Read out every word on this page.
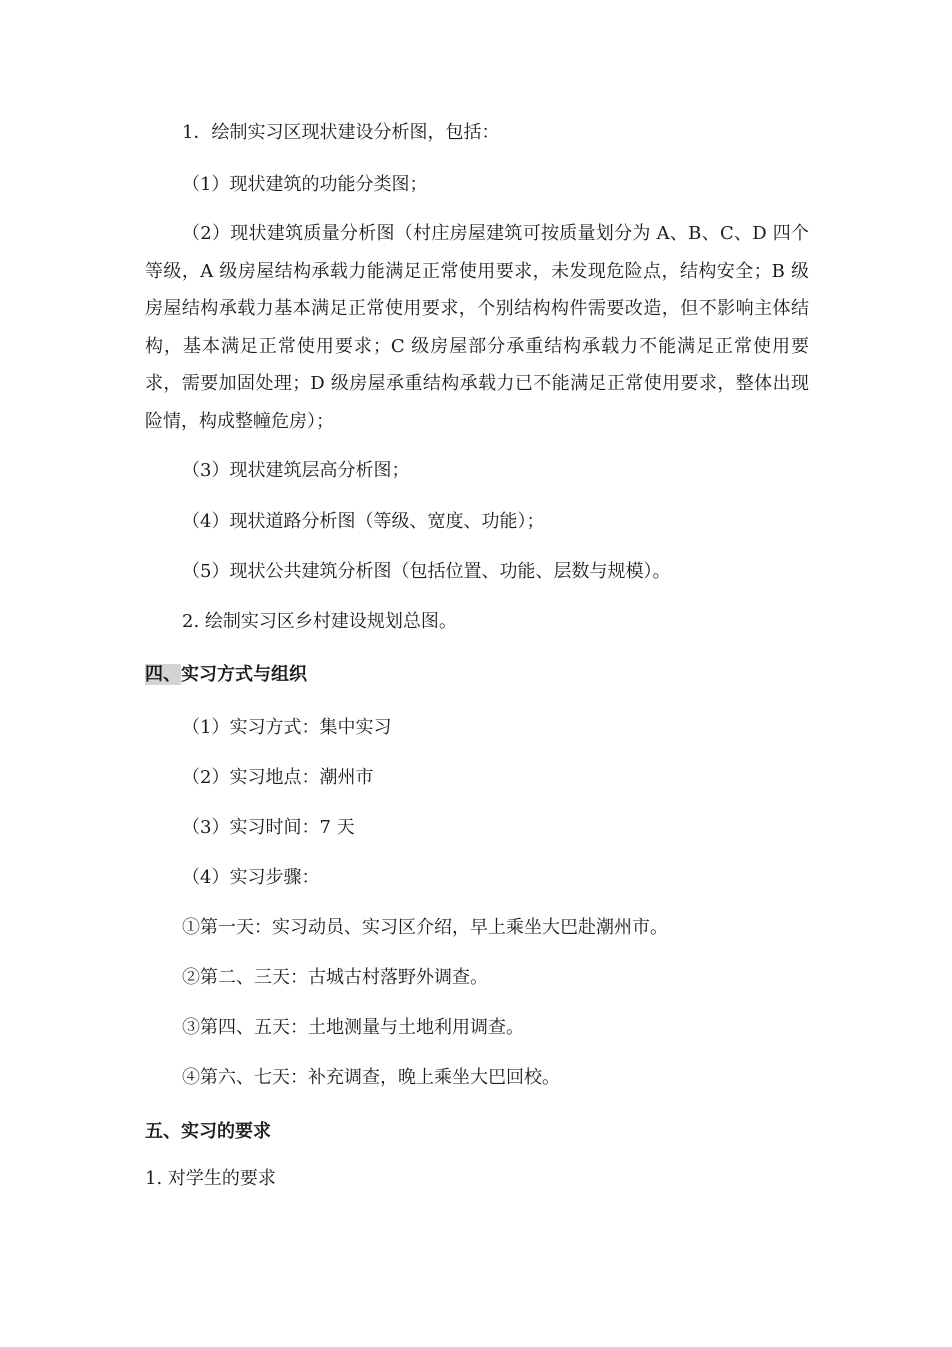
1．绘制实习区现状建设分析图，包括：
（1）现状建筑的功能分类图；
（2）现状建筑质量分析图（村庄房屋建筑可按质量划分为 A、B、C、D 四个等级，A 级房屋结构承载力能满足正常使用要求，未发现危险点，结构安全；B 级房屋结构承载力基本满足正常使用要求，个别结构构件需要改造，但不影响主体结构，基本满足正常使用要求；C 级房屋部分承重结构承载力不能满足正常使用要求，需要加固处理；D 级房屋承重结构承载力已不能满足正常使用要求，整体出现险情，构成整幢危房）；
（3）现状建筑层高分析图；
（4）现状道路分析图（等级、宽度、功能）；
（5）现状公共建筑分析图（包括位置、功能、层数与规模）。
2. 绘制实习区乡村建设规划总图。
四、实习方式与组织
（1）实习方式：集中实习
（2）实习地点：潮州市
（3）实习时间：7 天
（4）实习步骤：
①第一天：实习动员、实习区介绍，早上乘坐大巴赴潮州市。
②第二、三天：古城古村落野外调查。
③第四、五天：土地测量与土地利用调查。
④第六、七天：补充调查，晚上乘坐大巴回校。
五、实习的要求
1. 对学生的要求
